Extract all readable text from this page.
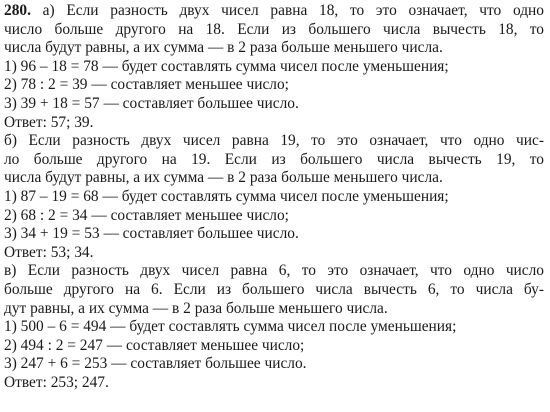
280. а) Если разность двух чисел равна 18, то это означает, что одно
число больше другого на 18. Если из большего числа вычесть 18, то
числа будут равны, а их сумма — в 2 раза больше меньшего числа.
1) 96 – 18 = 78 — будет составлять сумма чисел после уменьшения;
2) 78 : 2 = 39 — составляет меньшее число;
3) 39 + 18 = 57 — составляет большее число.
Ответ: 57; 39.
б) Если разность двух чисел равна 19, то это означает, что одно чис-
ло больше другого на 19. Если из большего числа вычесть 19, то
числа будут равны, а их сумма — в 2 раза больше меньшего числа.
1) 87 – 19 = 68 — будет составлять сумма чисел после уменьшения;
2) 68 : 2 = 34 — составляет меньшее число;
3) 34 + 19 = 53 — составляет большее число.
Ответ: 53; 34.
в) Если разность двух чисел равна 6, то это означает, что одно число
больше другого на 6. Если из большего числа вычесть 6, то числа бу-
дут равны, а их сумма — в 2 раза больше меньшего числа.
1) 500 – 6 = 494 — будет составлять сумма чисел после уменьшения;
2) 494 : 2 = 247 — составляет меньшее число;
3) 247 + 6 = 253 — составляет большее число.
Ответ: 253; 247.
